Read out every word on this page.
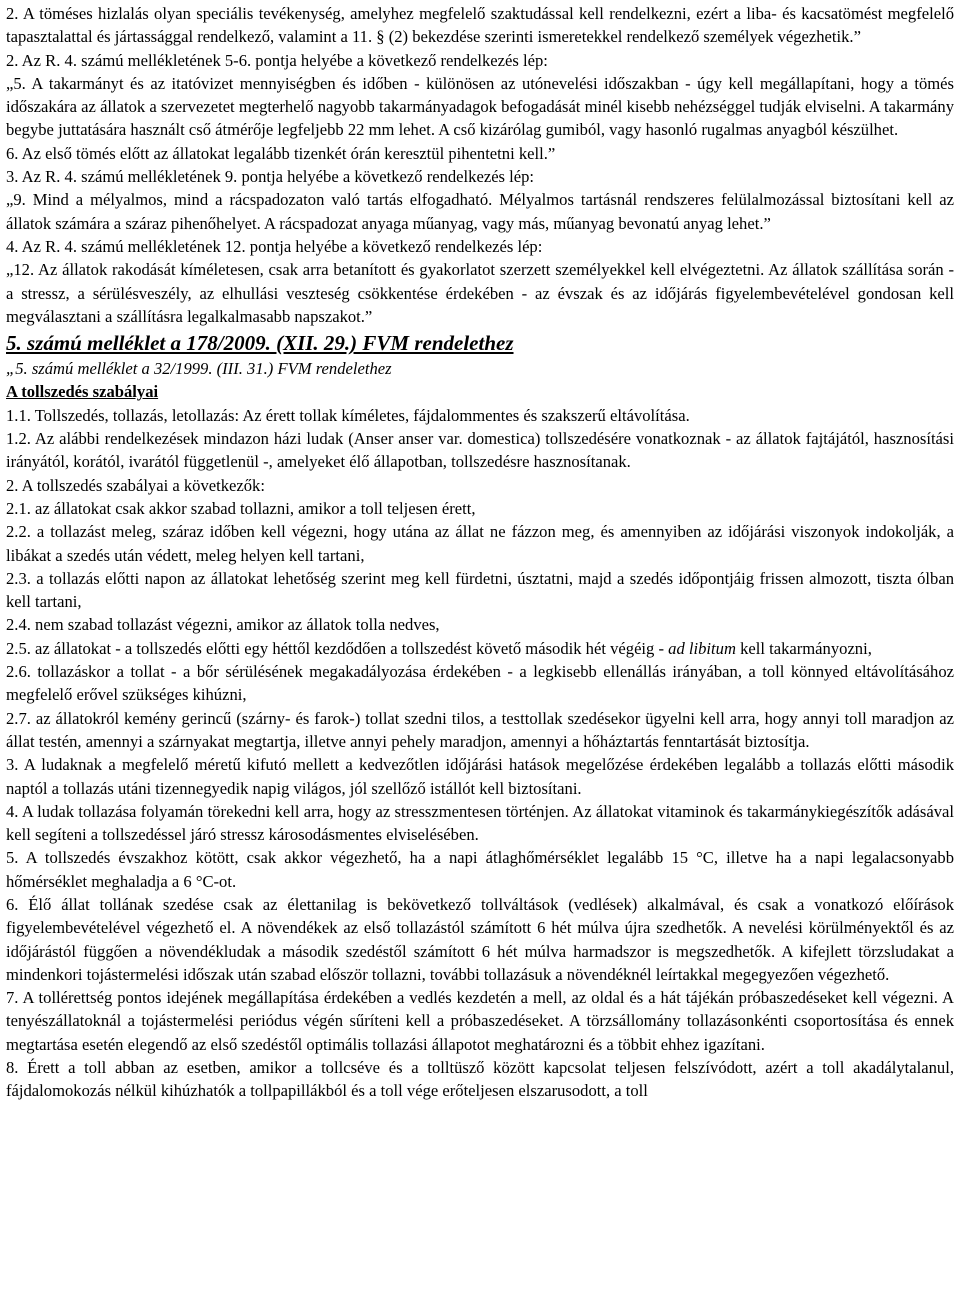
2. A töméses hizlalás olyan speciális tevékenység, amelyhez megfelelő szaktudással kell rendelkezni, ezért a liba- és kacsatömést megfelelő tapasztalattal és jártassággal rendelkező, valamint a 11. § (2) bekezdése szerinti ismeretekkel rendelkező személyek végezhetik.”

2. Az R. 4. számú mellékletének 5-6. pontja helyébe a következő rendelkezés lép:

„5. A takarmányt és az itatóvizet mennyiségben és időben - különösen az utónevelési időszakban - úgy kell megállapítani, hogy a tömés időszakára az állatok a szervezetet megterhelő nagyobb takarmányadagok befogadását minél kisebb nehézséggel tudják elviselni. A takarmány begybe juttatására használt cső átmérője legfeljebb 22 mm lehet. A cső kizárólag gumiból, vagy hasonló rugalmas anyagból készülhet.

6. Az első tömés előtt az állatokat legalább tizenkét órán keresztül pihentetni kell.”

3. Az R. 4. számú mellékletének 9. pontja helyébe a következő rendelkezés lép:

„9. Mind a mélyalmos, mind a rácspadozaton való tartás elfogadható. Mélyalmos tartásnál rendszeres felülalmozással biztosítani kell az állatok számára a száraz pihenőhelyet. A rácspadozat anyaga műanyag, vagy más, műanyag bevonatú anyag lehet.”

4. Az R. 4. számú mellékletének 12. pontja helyébe a következő rendelkezés lép:

„12. Az állatok rakodását kíméletesen, csak arra betanított és gyakorlatot szerzett személyekkel kell elvégeztetni. Az állatok szállítása során - a stressz, a sérülésveszély, az elhullási veszteség csökkentése érdekében - az évszak és az időjárás figyelembevételével gondosan kell megválasztani a szállításra legalkalmasabb napszakot.”

5. számú melléklet a 178/2009. (XII. 29.) FVM rendelethez

„5. számú melléklet a 32/1999. (III. 31.) FVM rendelethez

A tollszedés szabályai

1.1. Tollszedés, tollazás, letollazás: Az érett tollak kíméletes, fájdalommentes és szakszerű eltávolítása.

1.2. Az alábbi rendelkezések mindazon házi ludak (Anser anser var. domestica) tollszedésére vonatkoznak - az állatok fajtájától, hasznosítási irányától, korától, ivarától függetlenül -, amelyeket élő állapotban, tollszedésre hasznosítanak.

2. A tollszedés szabályai a következők:

2.1. az állatokat csak akkor szabad tollazni, amikor a toll teljesen érett,

2.2. a tollazást meleg, száraz időben kell végezni, hogy utána az állat ne fázzon meg, és amennyiben az időjárási viszonyok indokolják, a libákat a szedés után védett, meleg helyen kell tartani,

2.3. a tollazás előtti napon az állatokat lehetőség szerint meg kell fürdetni, úsztatni, majd a szedés időpontjáig frissen almozott, tiszta ólban kell tartani,

2.4. nem szabad tollazást végezni, amikor az állatok tolla nedves,

2.5. az állatokat - a tollszedés előtti egy héttől kezdődően a tollszedést követő második hét végéig - ad libitum kell takarmányozni,

2.6. tollazáskor a tollat - a bőr sérülésének megakadályozása érdekében - a legkisebb ellenállás irányában, a toll könnyed eltávolításához megfelelő erővel szükséges kihúzni,

2.7. az állatokról kemény gerincű (szárny- és farok-) tollat szedni tilos, a testtollak szedésekor ügyelni kell arra, hogy annyi toll maradjon az állat testén, amennyi a szárnyakat megtartja, illetve annyi pehely maradjon, amennyi a hőháztartás fenntartását biztosítja.

3. A ludaknak a megfelelő méretű kifutó mellett a kedvezőtlen időjárási hatások megelőzése érdekében legalább a tollazás előtti második naptól a tollazás utáni tizennegyedik napig világos, jól szellőző istállót kell biztosítani.

4. A ludak tollazása folyamán törekedni kell arra, hogy az stresszmentesen történjen. Az állatokat vitaminok és takarmánykiegészítők adásával kell segíteni a tollszedéssel járó stressz károsodásmentes elviselésében.

5. A tollszedés évszakhoz kötött, csak akkor végezhető, ha a napi átlaghőmérséklet legalább 15 °C, illetve ha a napi legalacsonyabb hőmérséklet meghaladja a 6 °C-ot.

6. Élő állat tollának szedése csak az élettanilag is bekövetkező tollváltások (vedlések) alkalmával, és csak a vonatkozó előírások figyelembevételével végezhető el. A növendékek az első tollazástól számított 6 hét múlva újra szedhetők. A nevelési körülményektől és az időjárástól függően a növendékludak a második szedéstől számított 6 hét múlva harmadszor is megszedhetők. A kifejlett törzsludakat a mindenkori tojástermelési időszak után szabad először tollazni, további tollazásuk a növendéknél leírtakkal megegyezően végezhető.

7. A tollérettség pontos idejének megállapítása érdekében a vedlés kezdetén a mell, az oldal és a hát tájékán próbaszedéseket kell végezni. A tenyészállatoknál a tojástermelési periódus végén sűríteni kell a próbaszedéseket. A törzsállomány tollazásonkénti csoportosítása és ennek megtartása esetén elegendő az első szedéstől optimális tollazási állapotot meghatározni és a többit ehhez igazítani.

8. Érett a toll abban az esetben, amikor a tollcséve és a tolltüsző között kapcsolat teljesen felszívódott, azért a toll akadálytalanul, fájdalomokozás nélkül kihúzhatók a tollpapillákból és a toll vége erőteljesen elszarusodott, a toll
